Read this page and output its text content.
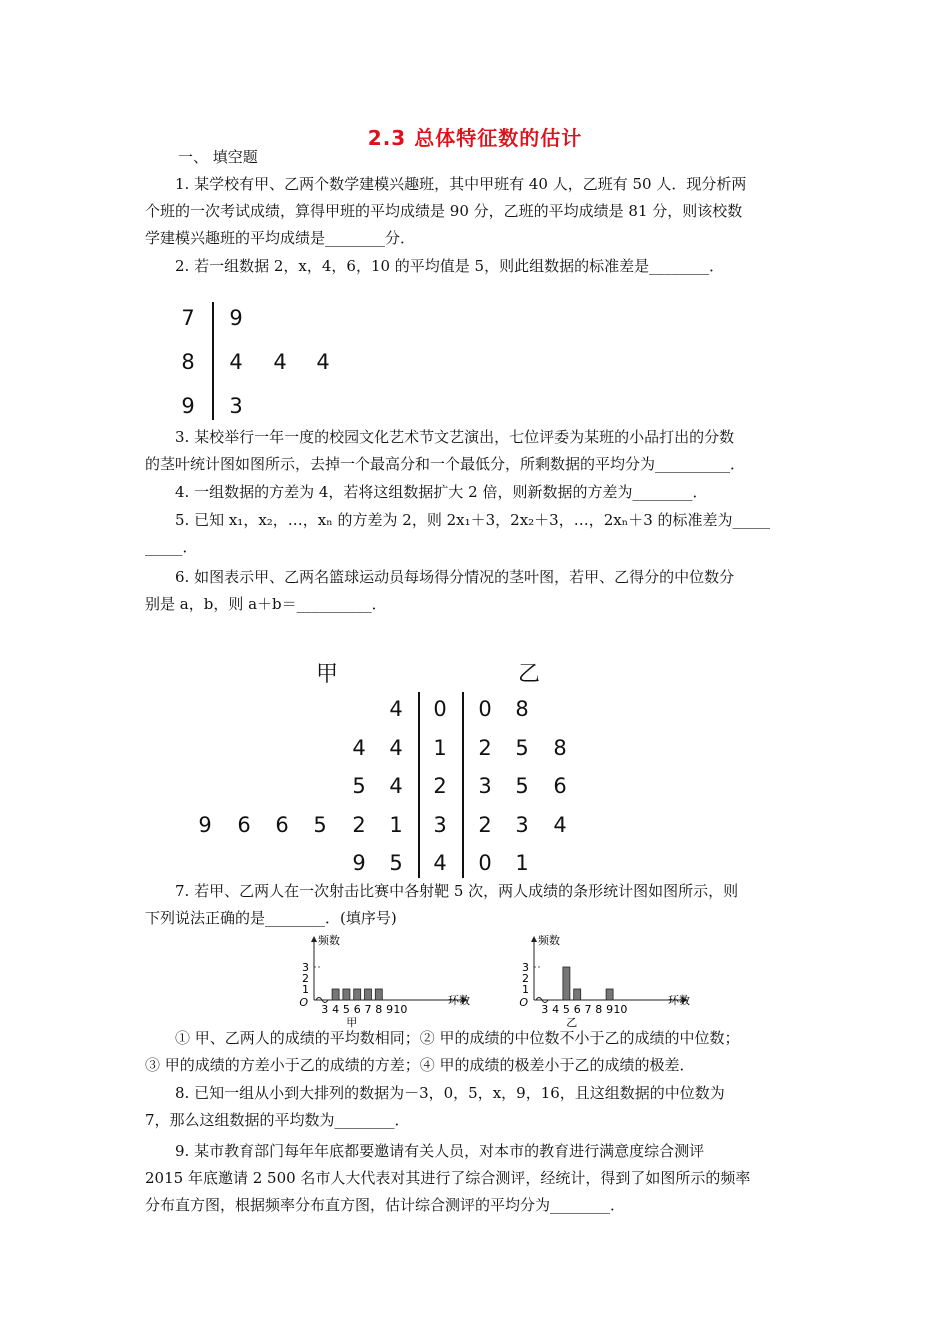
2.3 总体特征数的估计
一、 填空题
1. 某学校有甲、乙两个数学建模兴趣班，其中甲班有 40 人，乙班有 50 人．现分析两
个班的一次考试成绩，算得甲班的平均成绩是 90 分，乙班的平均成绩是 81 分，则该校数
学建模兴趣班的平均成绩是________分．
2. 若一组数据 2，x，4，6，10 的平均值是 5，则此组数据的标准差是________．
7
8
9
9
4 4 4
3
3. 某校举行一年一度的校园文化艺术节文艺演出，七位评委为某班的小品打出的分数
的茎叶统计图如图所示，去掉一个最高分和一个最低分，所剩数据的平均分为__________．
4. 一组数据的方差为 4，若将这组数据扩大 2 倍，则新数据的方差为________．
5. 已知 x₁，x₂，…，xₙ 的方差为 2，则 2x₁＋3，2x₂＋3，…，2xₙ＋3 的标准差为_____
_____．
6. 如图表示甲、乙两名篮球运动员每场得分情况的茎叶图，若甲、乙得分的中位数分
别是 a，b，则 a＋b＝__________．
甲	乙
4 0 0 8
4 4 1 2 5 8
5 4 2 3 5 6
9 6 6 5 2 1 3 2 3 4
9 5 4 0 1
7. 若甲、乙两人在一次射击比赛中各射靶 5 次，两人成绩的条形统计图如图所示，则
下列说法正确的是________．(填序号)
3 4 5 6 7 8 9 10
1
2
3
O
频数
环数
甲
3 4 5 6 7 8 9 10
1
2
3
O
频数
环数
乙
① 甲、乙两人的成绩的平均数相同；② 甲的成绩的中位数不小于乙的成绩的中位数；
③ 甲的成绩的方差小于乙的成绩的方差；④ 甲的成绩的极差小于乙的成绩的极差．
8. 已知一组从小到大排列的数据为－3，0，5，x，9，16，且这组数据的中位数为
7，那么这组数据的平均数为________．
9. 某市教育部门每年年底都要邀请有关人员，对本市的教育进行满意度综合测评
2015 年底邀请 2 500 名市人大代表对其进行了综合测评，经统计，得到了如图所示的频率
分布直方图，根据频率分布直方图，估计综合测评的平均分为________．
